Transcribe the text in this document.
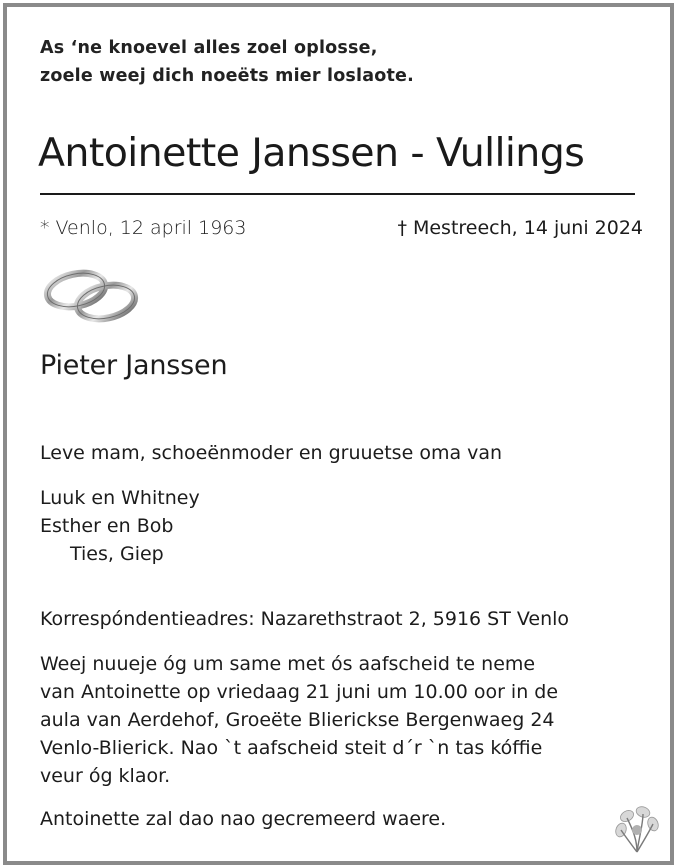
As ‘ne knoevel alles zoel oplosse,
zoele weej dich noeëts mier loslaote.
Antoinette Janssen - Vullings
* Venlo, 12 april 1963	† Mestreech, 14 juni 2024
Pieter Janssen
Leve mam, schoeënmoder en gruuetse oma van
Luuk en Whitney
Esther en Bob
Ties, Giep
Korrespóndentieadres: Nazarethstraot 2, 5916 ST Venlo
Weej nuueje óg um same met ós aafscheid te neme
van Antoinette op vriedaag 21 juni um 10.00 oor in de
aula van Aerdehof, Groeëte Bliericksе Bergenwaeg 24
Venlo-Blierick. Nao `t aafscheid steit d´r `n tas kóffie
veur óg klaor.
Antoinette zal dao nao gecremeerd waere.
